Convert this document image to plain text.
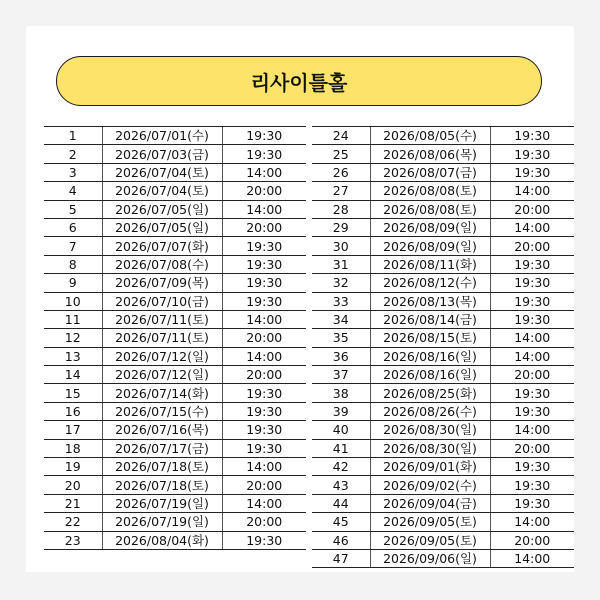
리사이틀홀
1	2026/07/01(수)	19:30
2	2026/07/03(금)	19:30
3	2026/07/04(토)	14:00
4	2026/07/04(토)	20:00
5	2026/07/05(일)	14:00
6	2026/07/05(일)	20:00
7	2026/07/07(화)	19:30
8	2026/07/08(수)	19:30
9	2026/07/09(목)	19:30
10	2026/07/10(금)	19:30
11	2026/07/11(토)	14:00
12	2026/07/11(토)	20:00
13	2026/07/12(일)	14:00
14	2026/07/12(일)	20:00
15	2026/07/14(화)	19:30
16	2026/07/15(수)	19:30
17	2026/07/16(목)	19:30
18	2026/07/17(금)	19:30
19	2026/07/18(토)	14:00
20	2026/07/18(토)	20:00
21	2026/07/19(일)	14:00
22	2026/07/19(일)	20:00
23	2026/08/04(화)	19:30
24	2026/08/05(수)	19:30
25	2026/08/06(목)	19:30
26	2026/08/07(금)	19:30
27	2026/08/08(토)	14:00
28	2026/08/08(토)	20:00
29	2026/08/09(일)	14:00
30	2026/08/09(일)	20:00
31	2026/08/11(화)	19:30
32	2026/08/12(수)	19:30
33	2026/08/13(목)	19:30
34	2026/08/14(금)	19:30
35	2026/08/15(토)	14:00
36	2026/08/16(일)	14:00
37	2026/08/16(일)	20:00
38	2026/08/25(화)	19:30
39	2026/08/26(수)	19:30
40	2026/08/30(일)	14:00
41	2026/08/30(일)	20:00
42	2026/09/01(화)	19:30
43	2026/09/02(수)	19:30
44	2026/09/04(금)	19:30
45	2026/09/05(토)	14:00
46	2026/09/05(토)	20:00
47	2026/09/06(일)	14:00
